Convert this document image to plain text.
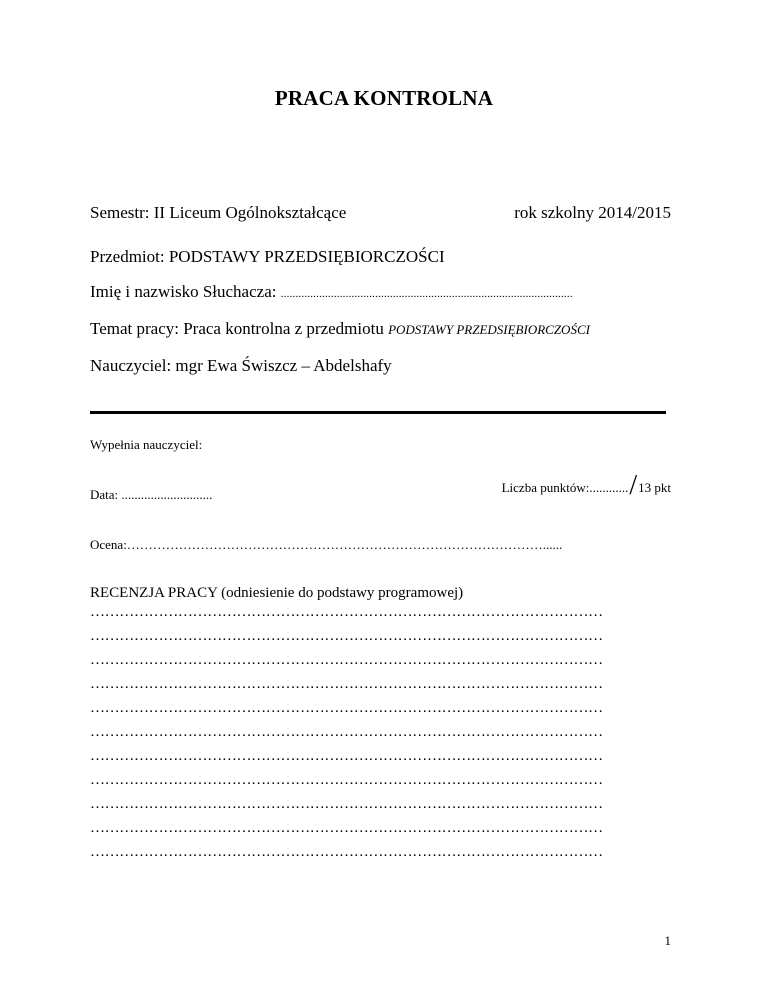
PRACA KONTROLNA
Semestr: II Liceum Ogólnokształcące	rok szkolny 2014/2015
Przedmiot: PODSTAWY PRZEDSIĘBIORCZOŚCI
Imię i nazwisko Słuchacza: ...................................................................................................
Temat pracy: Praca kontrolna z przedmiotu PODSTAWY PRZEDSIĘBIORCZOŚCI
Nauczyciel: mgr Ewa Świszcz – Abdelshafy
Wypełnia nauczyciel:
Data: ............................	Liczba punktów:............/13 pkt
Ocena:……………………………………………………………………………………......
RECENZJA PRACY (odniesienie do podstawy programowej)
……………………………………………………………………………………………
……………………………………………………………………………………………
……………………………………………………………………………………………
……………………………………………………………………………………………
……………………………………………………………………………………………
……………………………………………………………………………………………
……………………………………………………………………………………………
……………………………………………………………………………………………
……………………………………………………………………………………………
……………………………………………………………………………………………
……………………………………………………………………………………………
1
